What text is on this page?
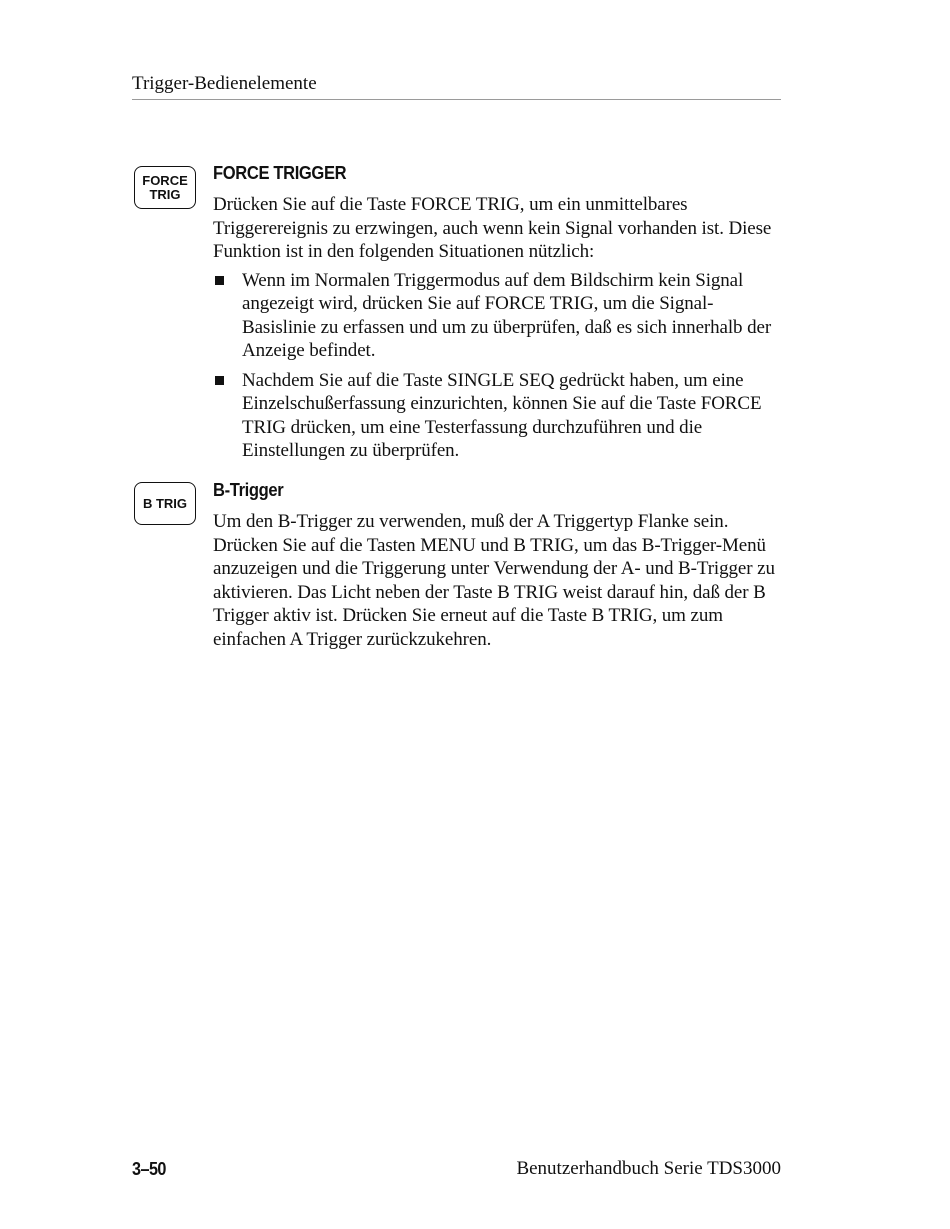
Trigger-Bedienelemente
FORCE
TRIG
FORCE TRIGGER
Drücken Sie auf die Taste FORCE TRIG, um ein unmittelbares Triggerereignis zu erzwingen, auch wenn kein Signal vorhanden ist. Diese Funktion ist in den folgenden Situationen nützlich:
Wenn im Normalen Triggermodus auf dem Bildschirm kein Signal angezeigt wird, drücken Sie auf FORCE TRIG, um die Signal-Basislinie zu erfassen und um zu überprüfen, daß es sich innerhalb der Anzeige befindet.
Nachdem Sie auf die Taste SINGLE SEQ gedrückt haben, um eine Einzelschußerfassung einzurichten, können Sie auf die Taste FORCE TRIG drücken, um eine Testerfassung durchzuführen und die Einstellungen zu überprüfen.
B TRIG
B-Trigger
Um den B-Trigger zu verwenden, muß der A Triggertyp Flanke sein. Drücken Sie auf die Tasten MENU und B TRIG, um das B-Trigger-Menü anzuzeigen und die Triggerung unter Verwendung der A- und B-Trigger zu aktivieren. Das Licht neben der Taste B TRIG weist darauf hin, daß der B Trigger aktiv ist. Drücken Sie erneut auf die Taste B TRIG, um zum einfachen A Trigger zurückzukehren.
3–50	Benutzerhandbuch Serie TDS3000
